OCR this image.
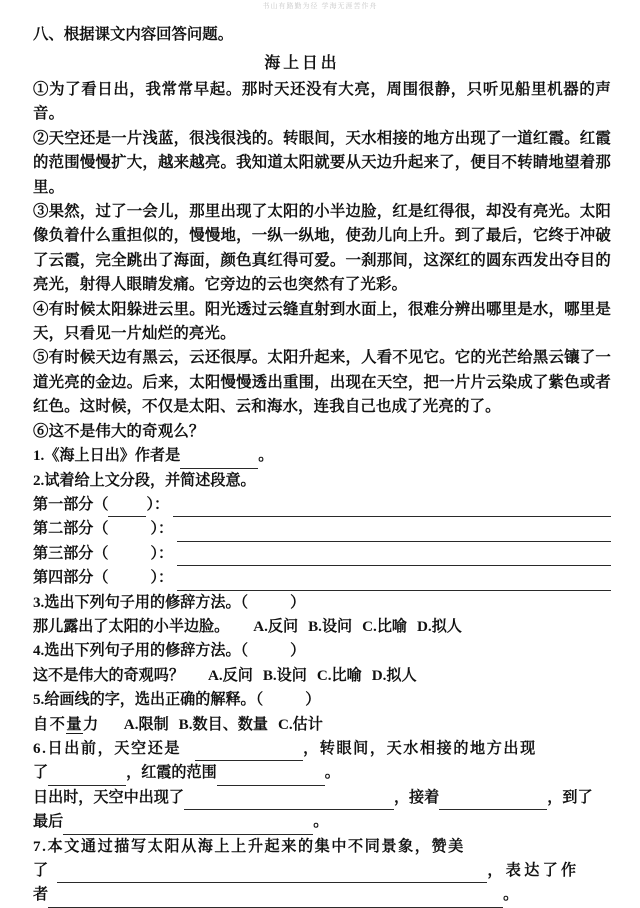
书山有路勤为径 学海无涯苦作舟
八、根据课文内容回答问题。
海上日出
①为了看日出，我常常早起。那时天还没有大亮，周围很静，只听见船里机器的声音。
②天空还是一片浅蓝，很浅很浅的。转眼间，天水相接的地方出现了一道红霞。红霞的范围慢慢扩大，越来越亮。我知道太阳就要从天边升起来了，便目不转睛地望着那里。
③果然，过了一会儿，那里出现了太阳的小半边脸，红是红得很，却没有亮光。太阳像负着什么重担似的，慢慢地，一纵一纵地，使劲儿向上升。到了最后，它终于冲破了云霞，完全跳出了海面，颜色真红得可爱。一刹那间，这深红的圆东西发出夺目的亮光，射得人眼睛发痛。它旁边的云也突然有了光彩。
④有时候太阳躲进云里。阳光透过云缝直射到水面上，很难分辨出哪里是水，哪里是天，只看见一片灿烂的亮光。
⑤有时候天边有黑云，云还很厚。太阳升起来，人看不见它。它的光芒给黑云镶了一道光亮的金边。后来，太阳慢慢透出重围，出现在天空，把一片片云染成了紫色或者红色。这时候，不仅是太阳、云和海水，连我自己也成了光亮的了。
⑥这不是伟大的奇观么？
1.《海上日出》作者是	。
2.试着给上文分段，并简述段意。
第一部分（	）：
第二部分（	）：
第三部分（	）：
第四部分（	）：
3.选出下列句子用的修辞方法。（	）
那儿露出了太阳的小半边脸。 A.反问 B.设问 C.比喻 D.拟人
4.选出下列句子用的修辞方法。（	）
这不是伟大的奇观吗？ A.反问 B.设问 C.比喻 D.拟人
5.给画线的字，选出正确的解释。（	）
自不量力 A.限制 B.数目、数量 C.估计
6.日出前，天空还是	，转眼间，天水相接的地方出现
了	，红霞的范围	。
日出时，天空中出现了	，接着	，到了
最后	。
7.本文通过描写太阳从海上上升起来的集中不同景象，赞美
了	，表达了作
者	。
